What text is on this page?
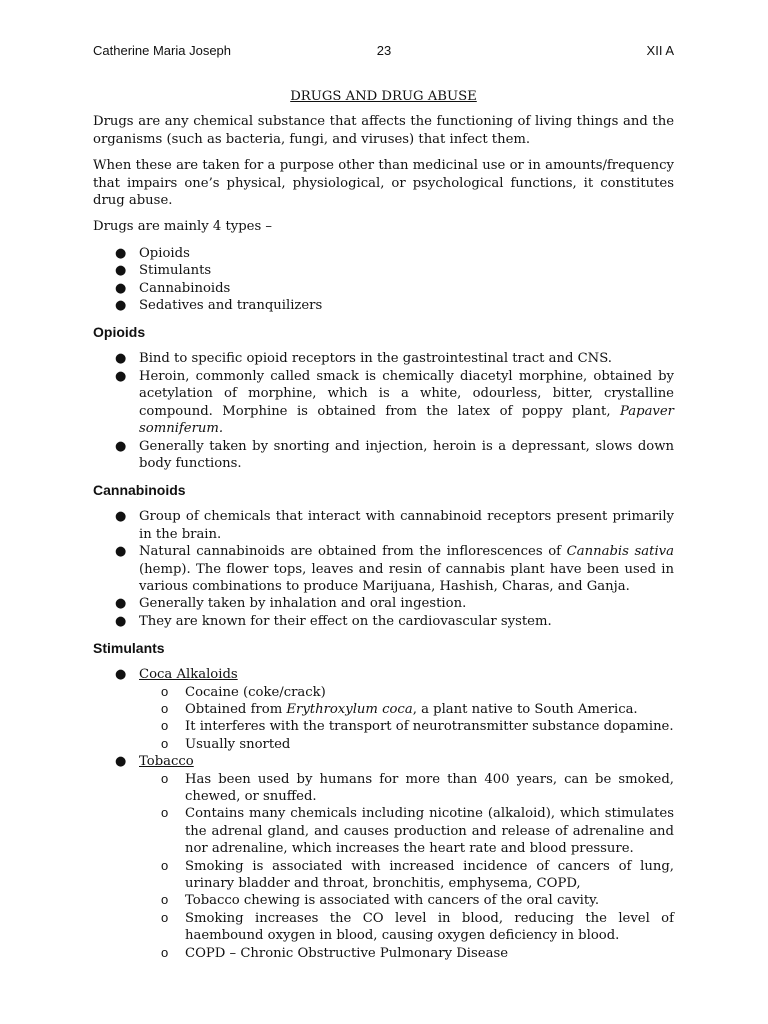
Catherine Maria Joseph	23	XII A
DRUGS AND DRUG ABUSE

Drugs are any chemical substance that affects the functioning of living things and the organisms (such as bacteria, fungi, and viruses) that infect them.

When these are taken for a purpose other than medicinal use or in amounts/frequency that impairs one’s physical, physiological, or psychological functions, it constitutes drug abuse.

Drugs are mainly 4 types –

● Opioids
● Stimulants
● Cannabinoids
● Sedatives and tranquilizers
Opioids
● Bind to specific opioid receptors in the gastrointestinal tract and CNS.
● Heroin, commonly called smack is chemically diacetyl morphine, obtained by acetylation of morphine, which is a white, odourless, bitter, crystalline compound. Morphine is obtained from the latex of poppy plant, Papaver somniferum.
● Generally taken by snorting and injection, heroin is a depressant, slows down body functions.
Cannabinoids
● Group of chemicals that interact with cannabinoid receptors present primarily in the brain.
● Natural cannabinoids are obtained from the inflorescences of Cannabis sativa (hemp). The flower tops, leaves and resin of cannabis plant have been used in various combinations to produce Marijuana, Hashish, Charas, and Ganja.
● Generally taken by inhalation and oral ingestion.
● They are known for their effect on the cardiovascular system.
Stimulants
● Coca Alkaloids
o Cocaine (coke/crack)
o Obtained from Erythroxylum coca, a plant native to South America.
o It interferes with the transport of neurotransmitter substance dopamine.
o Usually snorted
● Tobacco
o Has been used by humans for more than 400 years, can be smoked, chewed, or snuffed.
o Contains many chemicals including nicotine (alkaloid), which stimulates the adrenal gland, and causes production and release of adrenaline and nor adrenaline, which increases the heart rate and blood pressure.
o Smoking is associated with increased incidence of cancers of lung, urinary bladder and throat, bronchitis, emphysema, COPD,
o Tobacco chewing is associated with cancers of the oral cavity.
o Smoking increases the CO level in blood, reducing the level of haembound oxygen in blood, causing oxygen deficiency in blood.
o COPD – Chronic Obstructive Pulmonary Disease
